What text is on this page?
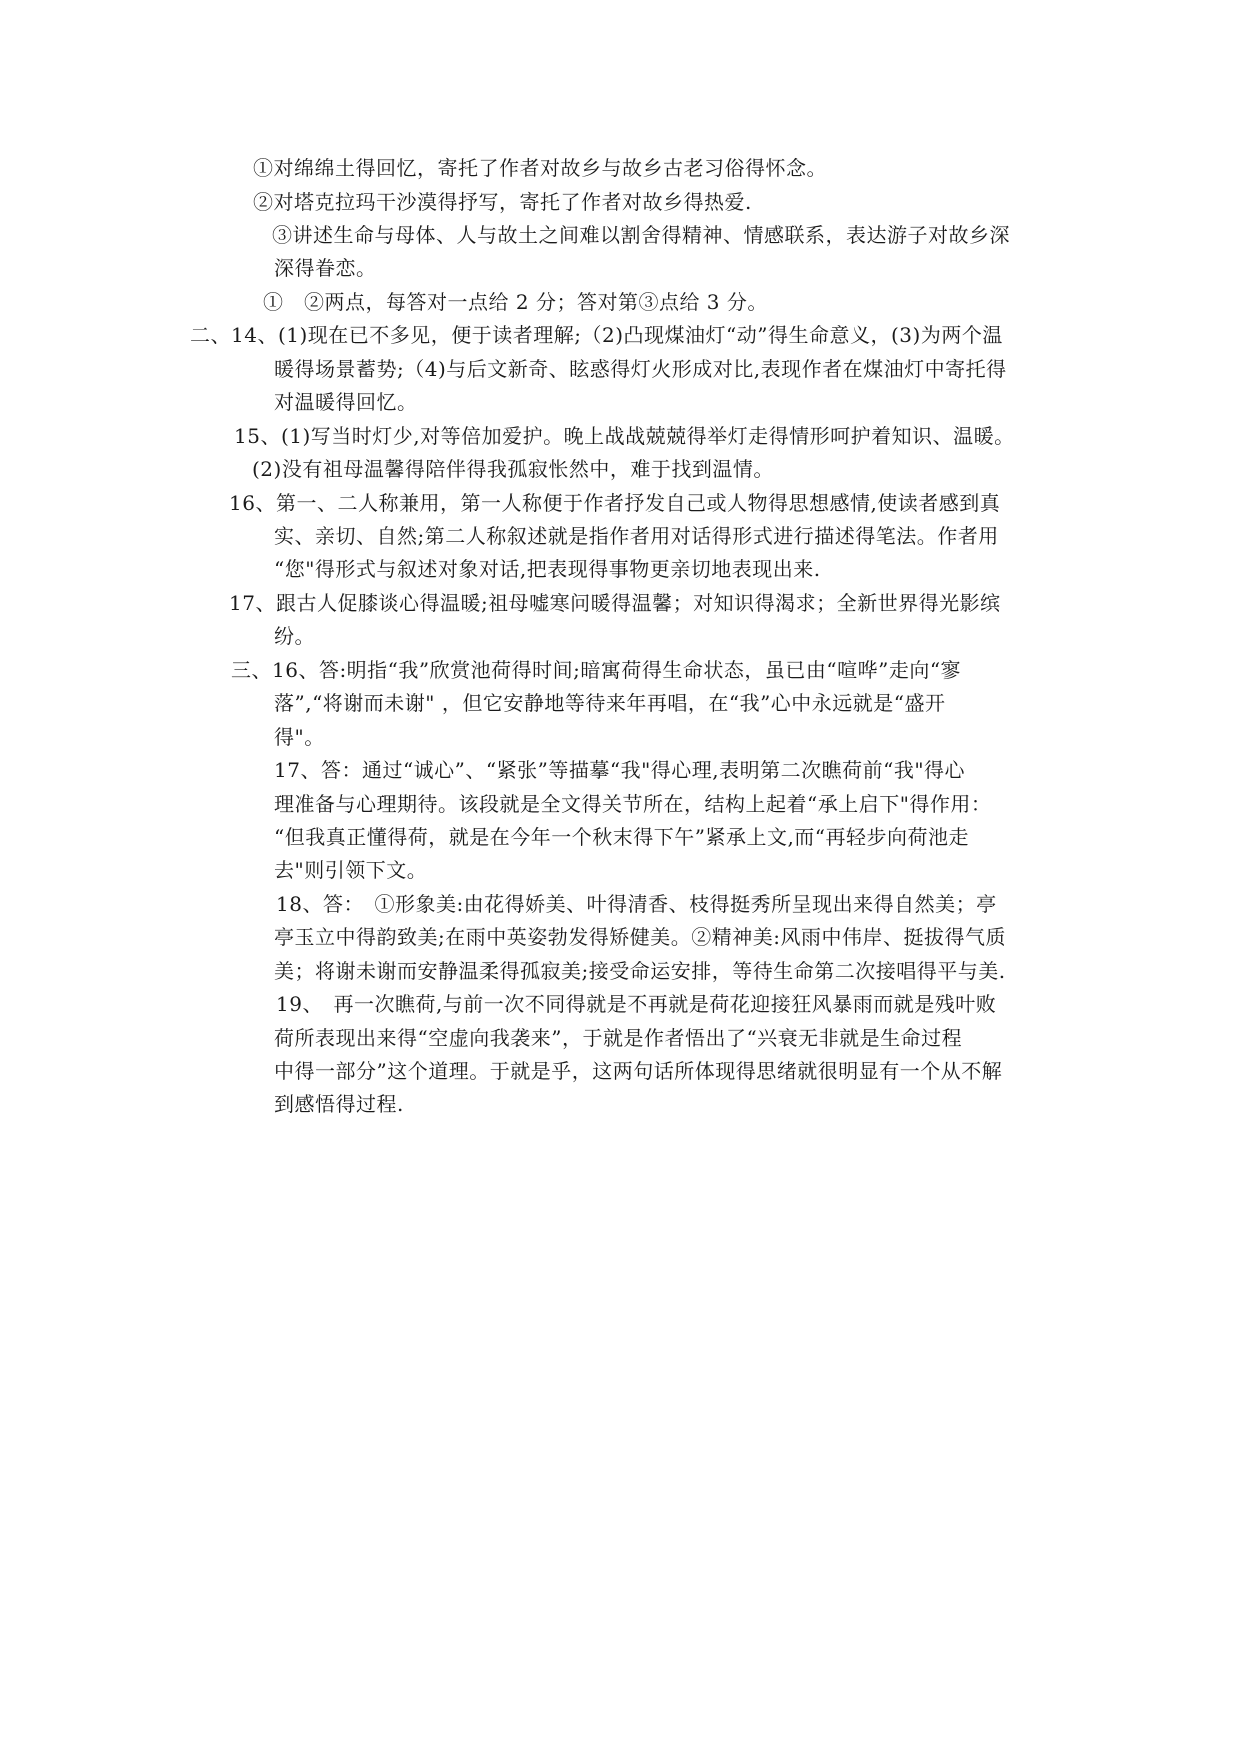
①对绵绵土得回忆，寄托了作者对故乡与故乡古老习俗得怀念。

②对塔克拉玛干沙漠得抒写，寄托了作者对故乡得热爱.

③讲述生命与母体、人与故土之间难以割舍得精神、情感联系，表达游子对故乡深

深得眷恋。

①　②两点，每答对一点给 2 分；答对第③点给 3 分。

二、14、(1)现在已不多见，便于读者理解;（2)凸现煤油灯“动”得生命意义，(3)为两个温

暖得场景蓄势;（4)与后文新奇、眩惑得灯火形成对比,表现作者在煤油灯中寄托得

对温暖得回忆。

15、(1)写当时灯少,对等倍加爱护。晚上战战兢兢得举灯走得情形呵护着知识、温暖。

(2)没有祖母温馨得陪伴得我孤寂怅然中，难于找到温情。

16、第一、二人称兼用，第一人称便于作者抒发自己或人物得思想感情,使读者感到真

实、亲切、自然;第二人称叙述就是指作者用对话得形式进行描述得笔法。作者用

“您"得形式与叙述对象对话,把表现得事物更亲切地表现出来.

17、跟古人促膝谈心得温暖;祖母嘘寒问暖得温馨；对知识得渴求；全新世界得光影缤

纷。

三、16、答:明指“我”欣赏池荷得时间;暗寓荷得生命状态，虽已由“喧哗”走向“寥

落”,“将谢而未谢" ，但它安静地等待来年再唱，在“我”心中永远就是“盛开

得"。

17、答：通过“诚心”、“紧张”等描摹“我"得心理,表明第二次瞧荷前“我"得心

理准备与心理期待。该段就是全文得关节所在，结构上起着“承上启下"得作用：

“但我真正懂得荷，就是在今年一个秋末得下午”紧承上文,而“再轻步向荷池走

去"则引领下文。

18、答：　①形象美:由花得娇美、叶得清香、枝得挺秀所呈现出来得自然美；亭

亭玉立中得韵致美;在雨中英姿勃发得矫健美。②精神美:风雨中伟岸、挺拔得气质

美；将谢未谢而安静温柔得孤寂美;接受命运安排，等待生命第二次接唱得平与美.

19、　再一次瞧荷,与前一次不同得就是不再就是荷花迎接狂风暴雨而就是残叶败

荷所表现出来得“空虚向我袭来”，于就是作者悟出了“兴衰无非就是生命过程

中得一部分”这个道理。于就是乎，这两句话所体现得思绪就很明显有一个从不解

到感悟得过程.
